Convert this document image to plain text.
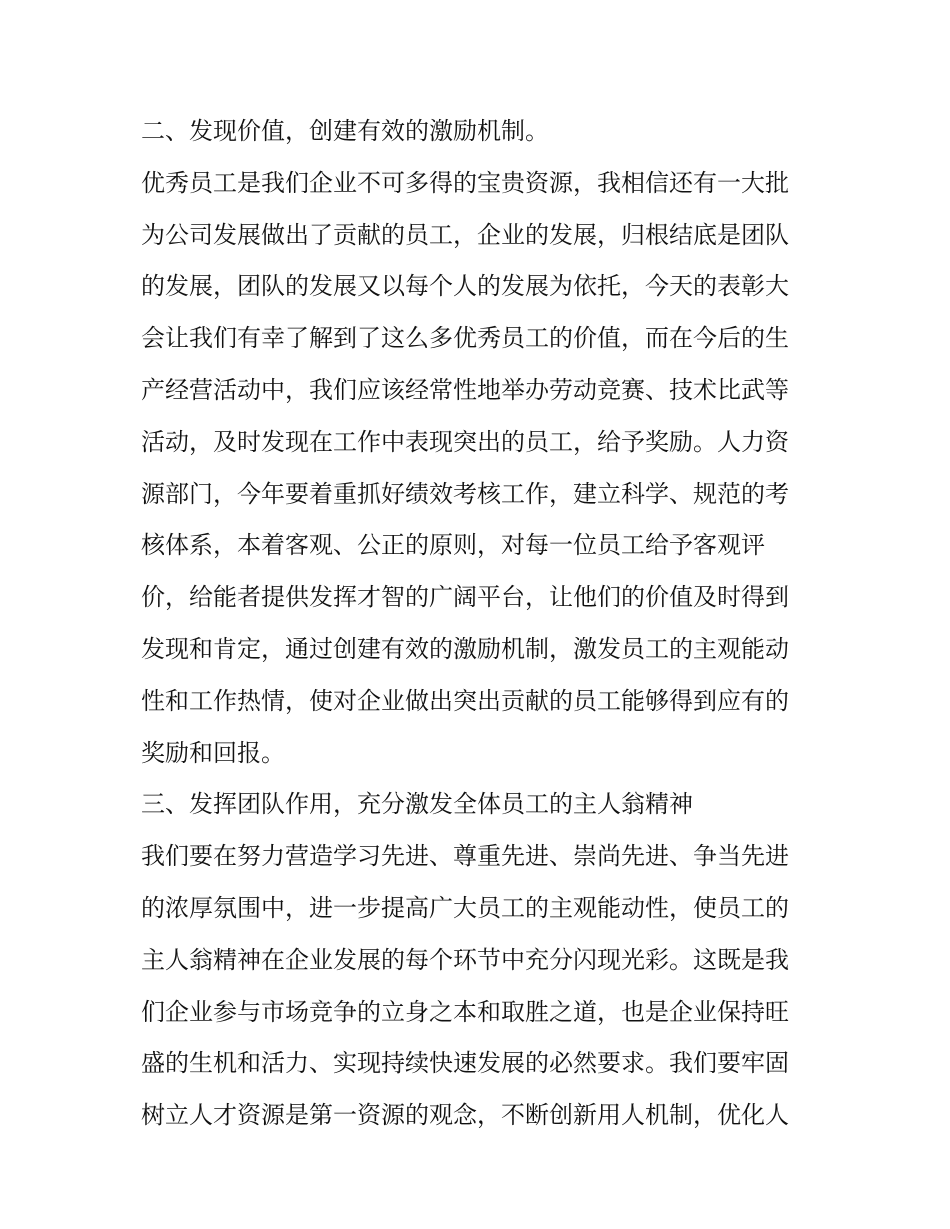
二、发现价值，创建有效的激励机制。
优秀员工是我们企业不可多得的宝贵资源，我相信还有一大批
为公司发展做出了贡献的员工，企业的发展，归根结底是团队
的发展，团队的发展又以每个人的发展为依托，今天的表彰大
会让我们有幸了解到了这么多优秀员工的价值，而在今后的生
产经营活动中，我们应该经常性地举办劳动竞赛、技术比武等
活动，及时发现在工作中表现突出的员工，给予奖励。人力资
源部门，今年要着重抓好绩效考核工作，建立科学、规范的考
核体系，本着客观、公正的原则，对每一位员工给予客观评
价，给能者提供发挥才智的广阔平台，让他们的价值及时得到
发现和肯定，通过创建有效的激励机制，激发员工的主观能动
性和工作热情，使对企业做出突出贡献的员工能够得到应有的
奖励和回报。
三、发挥团队作用，充分激发全体员工的主人翁精神
我们要在努力营造学习先进、尊重先进、崇尚先进、争当先进
的浓厚氛围中，进一步提高广大员工的主观能动性，使员工的
主人翁精神在企业发展的每个环节中充分闪现光彩。这既是我
们企业参与市场竞争的立身之本和取胜之道，也是企业保持旺
盛的生机和活力、实现持续快速发展的必然要求。我们要牢固
树立人才资源是第一资源的观念，不断创新用人机制，优化人
